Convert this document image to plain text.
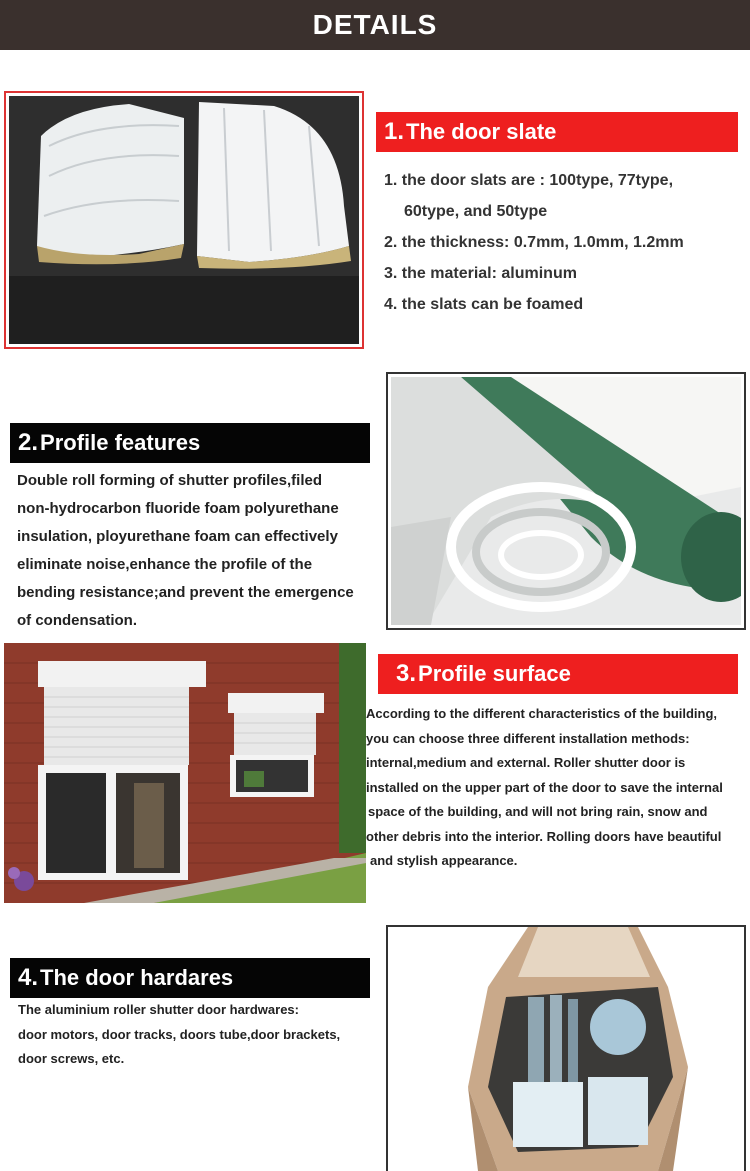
DETAILS
1. The door slate

1. the door slats are : 100type, 77type,

60type, and 50type

2. the thickness: 0.7mm, 1.0mm, 1.2mm

3. the material: aluminum

4. the slats can be foamed

2. Profile features
Double roll forming of shutter profiles,filed
non-hydrocarbon fluoride foam polyurethane
insulation, ployurethane foam can effectively
eliminate noise,enhance the profile of the
bending resistance;and prevent the emergence
of condensation.
3. Profile surface
According to the different characteristics of the building,
you can choose three different installation methods:
internal,medium and external. Roller shutter door is
installed on the upper part of the door to save the internal
space of the building, and will not bring rain, snow and
other debris into the interior. Rolling doors have beautiful
and stylish appearance.
4. The door hardares
The aluminium roller shutter door hardwares:
door motors, door tracks, doors tube,door brackets,
door screws, etc.
